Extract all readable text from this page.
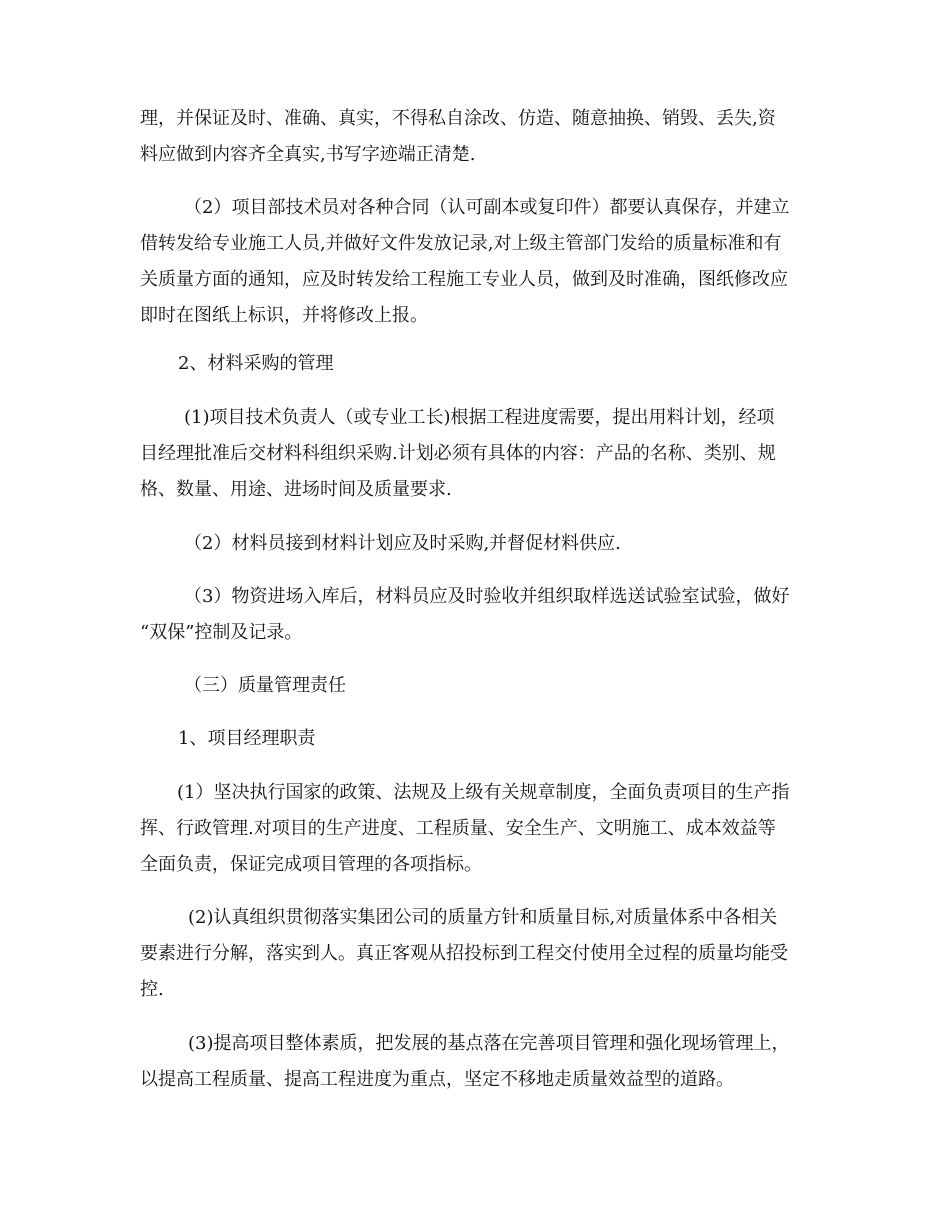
理，并保证及时、准确、真实，不得私自涂改、仿造、随意抽换、销毁、丢失,资
料应做到内容齐全真实,书写字迹端正清楚.

（2）项目部技术员对各种合同（认可副本或复印件）都要认真保存，并建立
借转发给专业施工人员,并做好文件发放记录,对上级主管部门发给的质量标准和有
关质量方面的通知，应及时转发给工程施工专业人员，做到及时准确，图纸修改应
即时在图纸上标识，并将修改上报。

2、材料采购的管理

(1)项目技术负责人（或专业工长)根据工程进度需要，提出用料计划，经项
目经理批准后交材料科组织采购.计划必须有具体的内容：产品的名称、类别、规
格、数量、用途、进场时间及质量要求.

（2）材料员接到材料计划应及时采购,并督促材料供应.

（3）物资进场入库后，材料员应及时验收并组织取样选送试验室试验，做好
“双保”控制及记录。

（三）质量管理责任

1、项目经理职责

(1）坚决执行国家的政策、法规及上级有关规章制度，全面负责项目的生产指
挥、行政管理.对项目的生产进度、工程质量、安全生产、文明施工、成本效益等
全面负责，保证完成项目管理的各项指标。

(2)认真组织贯彻落实集团公司的质量方针和质量目标,对质量体系中各相关
要素进行分解，落实到人。真正客观从招投标到工程交付使用全过程的质量均能受
控.

(3)提高项目整体素质，把发展的基点落在完善项目管理和强化现场管理上，
以提高工程质量、提高工程进度为重点，坚定不移地走质量效益型的道路。
